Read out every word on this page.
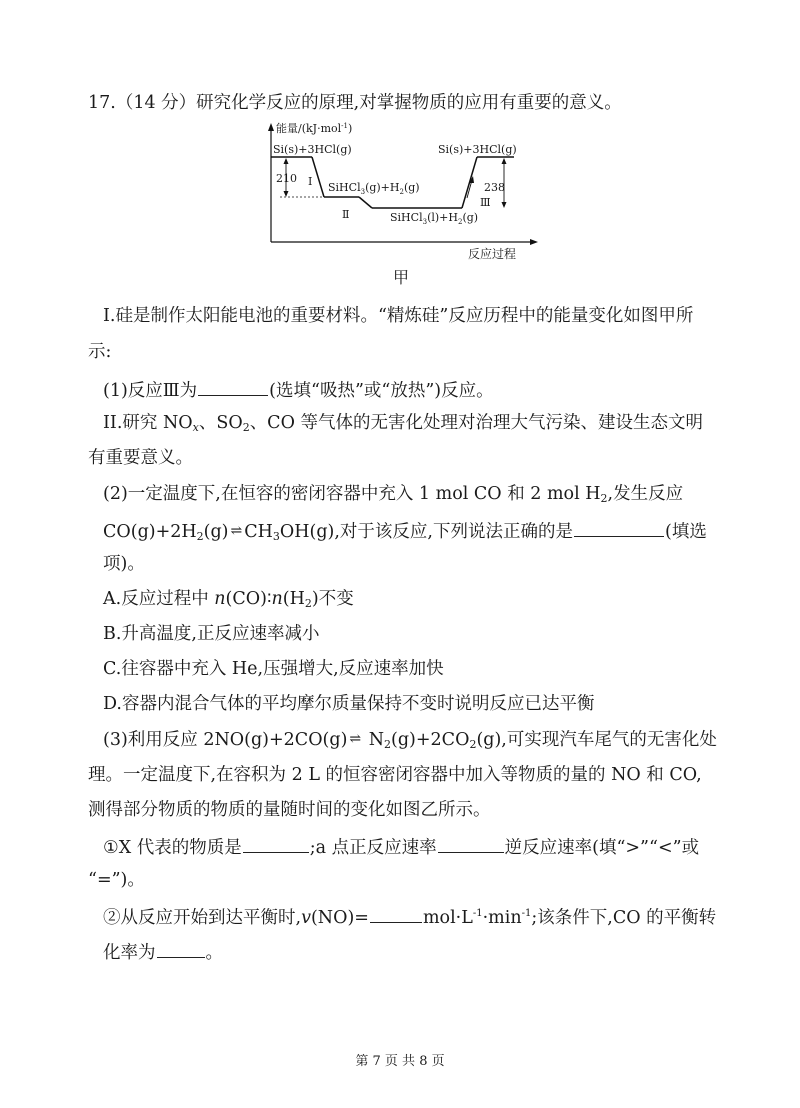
17.（14 分）研究化学反应的原理,对掌握物质的应用有重要的意义。
能量/(kJ·mol$^{-1}$)
Si(s)+3HCl(g)
$SiHCl_3(g)+H_2(g)$
Ⅰ
210
Ⅱ	$SiHCl_3(l)+H_2(g)$
Si(s)+3HCl(g)
Ⅲ
238
反应过程
甲
I.硅是制作太阳能电池的重要材料。“精炼硅”反应历程中的能量变化如图甲所
示:
(1)反应Ⅲ为	(选填“吸热”或“放热”)反应。
II.研究 $NO_x$、$SO_2$、CO 等气体的无害化处理对治理大气污染、建设生态文明
有重要意义。
(2)一定温度下,在恒容的密闭容器中充入 1 mol CO 和 2 mol $H_2$,发生反应
$CO(g)+2H_2(g)$ ⇌ $CH_3OH(g)$,对于该反应,下列说法正确的是	(填选
项)。
A.反应过程中 $n(CO)∶n(H_2)$不变
B.升高温度,正反应速率减小
C.往容器中充入 He,压强增大,反应速率加快
D.容器内混合气体的平均摩尔质量保持不变时说明反应已达平衡
(3)利用反应 2NO(g)+2CO(g) ⇌ $N_2(g)+2CO_2(g)$,可实现汽车尾气的无害化处
理。一定温度下,在容积为 2 L 的恒容密闭容器中加入等物质的量的 NO 和 CO,
测得部分物质的物质的量随时间的变化如图乙所示。
①X 代表的物质是	;a 点正反应速率	逆反应速率(填“>”“<”或
“=”)。
②从反应开始到达平衡时,v(NO)=	$mol\cdot L^{-1}\cdot\min^{-1}$;该条件下,CO 的平衡转
化率为	。
第 7 页 共 8 页
